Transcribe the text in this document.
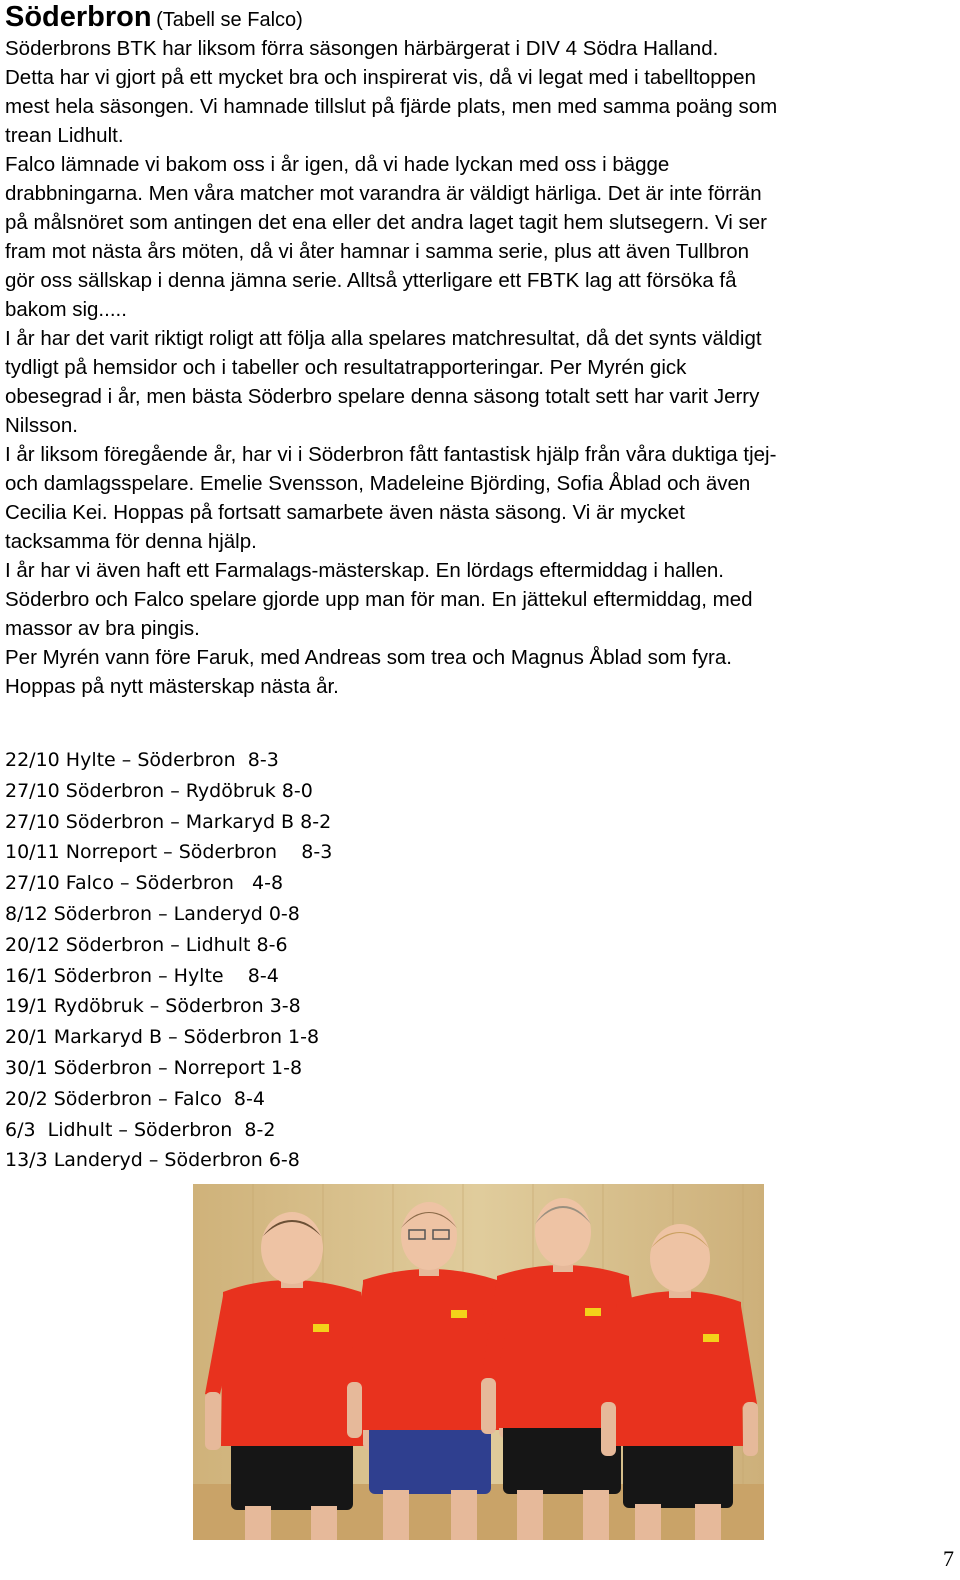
Söderbron (Tabell se Falco)

Söderbrons BTK har liksom förra säsongen härbärgerat i DIV 4 Södra Halland.
Detta har vi gjort på ett mycket bra och inspirerat vis, då vi legat med i tabelltoppen
mest hela säsongen. Vi hamnade tillslut på fjärde plats, men med samma poäng som
trean Lidhult.

Falco lämnade vi bakom oss i år igen, då vi hade lyckan med oss i bägge
drabbningarna. Men våra matcher mot varandra är väldigt härliga. Det är inte förrän
på målsnöret som antingen det ena eller det andra laget tagit hem slutsegern. Vi ser
fram mot nästa års möten, då vi åter hamnar i samma serie, plus att även Tullbron
gör oss sällskap i denna jämna serie. Alltså ytterligare ett FBTK lag att försöka få
bakom sig.....

I år har det varit riktigt roligt att följa alla spelares matchresultat, då det synts väldigt
tydligt på hemsidor och i tabeller och resultatrapporteringar. Per Myrén gick
obesegrad i år, men bästa Söderbro spelare denna säsong totalt sett har varit Jerry
Nilsson.

I år liksom föregående år, har vi i Söderbron fått fantastisk hjälp från våra duktiga tjej-
och damlagsspelare. Emelie Svensson, Madeleine Björding, Sofia Åblad och även
Cecilia Kei. Hoppas på fortsatt samarbete även nästa säsong. Vi är mycket
tacksamma för denna hjälp.

I år har vi även haft ett Farmalags-mästerskap. En lördags eftermiddag i hallen.
Söderbro och Falco spelare gjorde upp man för man. En jättekul eftermiddag, med
massor av bra pingis.

Per Myrén vann före Faruk, med Andreas som trea och Magnus Åblad som fyra.
Hoppas på nytt mästerskap nästa år.

22/10 Hylte – Söderbron  8-3
27/10 Söderbron – Rydöbruk 8-0
27/10 Söderbron – Markaryd B 8-2
10/11 Norreport – Söderbron    8-3
27/10 Falco – Söderbron   4-8
8/12 Söderbron – Landeryd 0-8
20/12 Söderbron – Lidhult 8-6
16/1 Söderbron – Hylte    8-4
19/1 Rydöbruk – Söderbron 3-8
20/1 Markaryd B – Söderbron 1-8
30/1 Söderbron – Norreport 1-8
20/2 Söderbron – Falco  8-4
6/3  Lidhult – Söderbron  8-2
13/3 Landeryd – Söderbron 6-8
7
